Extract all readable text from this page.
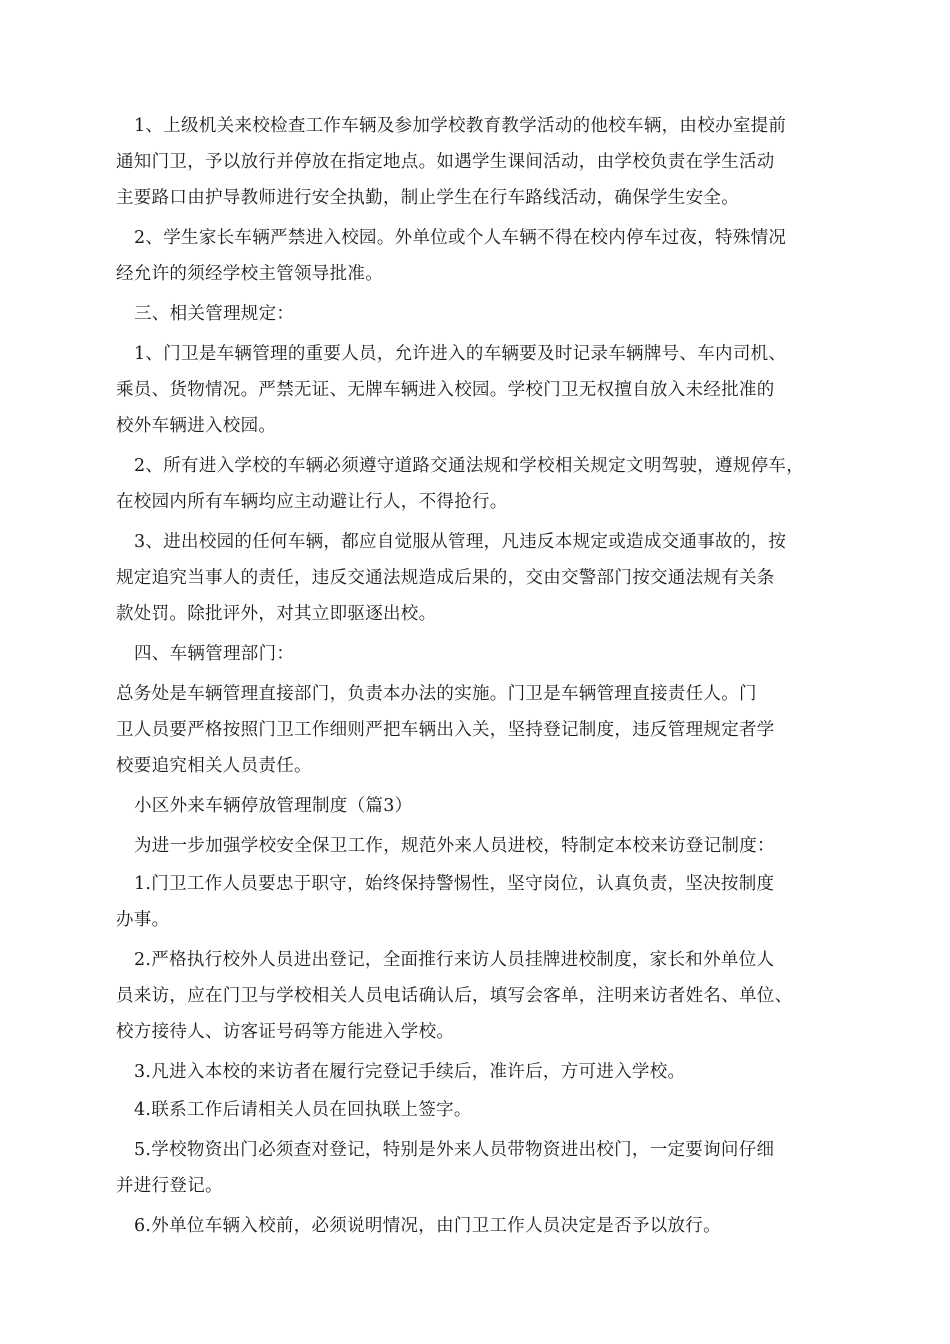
1、上级机关来校检查工作车辆及参加学校教育教学活动的他校车辆，由校办室提前
通知门卫，予以放行并停放在指定地点。如遇学生课间活动，由学校负责在学生活动
主要路口由护导教师进行安全执勤，制止学生在行车路线活动，确保学生安全。
2、学生家长车辆严禁进入校园。外单位或个人车辆不得在校内停车过夜，特殊情况
经允许的须经学校主管领导批准。
三、相关管理规定：
1、门卫是车辆管理的重要人员，允许进入的车辆要及时记录车辆牌号、车内司机、
乘员、货物情况。严禁无证、无牌车辆进入校园。学校门卫无权擅自放入未经批准的
校外车辆进入校园。
2、所有进入学校的车辆必须遵守道路交通法规和学校相关规定文明驾驶，遵规停车，
在校园内所有车辆均应主动避让行人，不得抢行。
3、进出校园的任何车辆，都应自觉服从管理，凡违反本规定或造成交通事故的，按
规定追究当事人的责任，违反交通法规造成后果的，交由交警部门按交通法规有关条
款处罚。除批评外，对其立即驱逐出校。
四、车辆管理部门：
总务处是车辆管理直接部门，负责本办法的实施。门卫是车辆管理直接责任人。门
卫人员要严格按照门卫工作细则严把车辆出入关，坚持登记制度，违反管理规定者学
校要追究相关人员责任。
小区外来车辆停放管理制度（篇3）
为进一步加强学校安全保卫工作，规范外来人员进校，特制定本校来访登记制度：
1.门卫工作人员要忠于职守，始终保持警惕性，坚守岗位，认真负责，坚决按制度
办事。
2.严格执行校外人员进出登记，全面推行来访人员挂牌进校制度，家长和外单位人
员来访，应在门卫与学校相关人员电话确认后，填写会客单，注明来访者姓名、单位、
校方接待人、访客证号码等方能进入学校。
3.凡进入本校的来访者在履行完登记手续后，准许后，方可进入学校。
4.联系工作后请相关人员在回执联上签字。
5.学校物资出门必须查对登记，特别是外来人员带物资进出校门，一定要询问仔细
并进行登记。
6.外单位车辆入校前，必须说明情况，由门卫工作人员决定是否予以放行。
